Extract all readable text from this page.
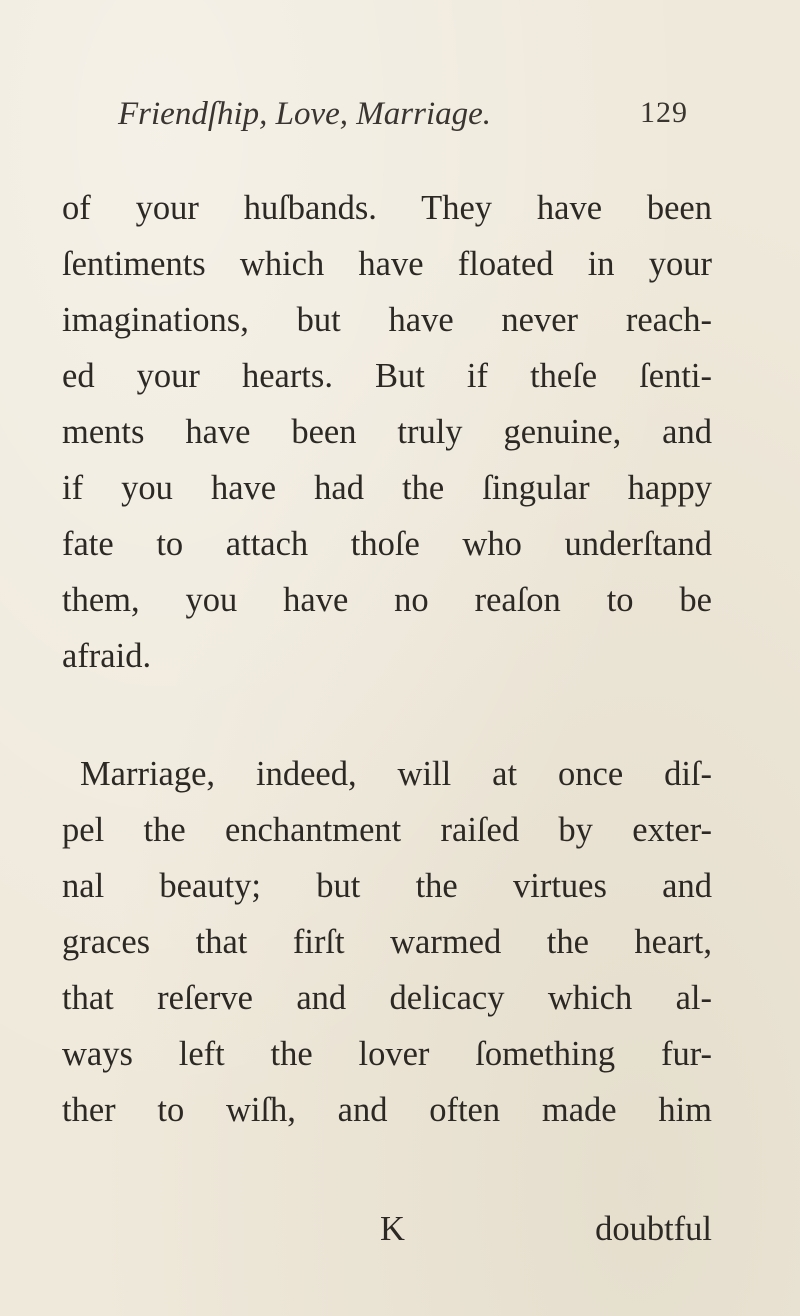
Friendſhip, Love, Marriage.	129
of your huſbands. They have been
ſentiments which have floated in your
imaginations, but have never reach-
ed your hearts. But if theſe ſenti-
ments have been truly genuine, and
if you have had the ſingular happy
fate to attach thoſe who underſtand
them, you have no reaſon to be
afraid.
Marriage, indeed, will at once diſ-
pel the enchantment raiſed by exter-
nal beauty; but the virtues and
graces that firſt warmed the heart,
that reſerve and delicacy which al-
ways left the lover ſomething fur-
ther to wiſh, and often made him
K	doubtful
